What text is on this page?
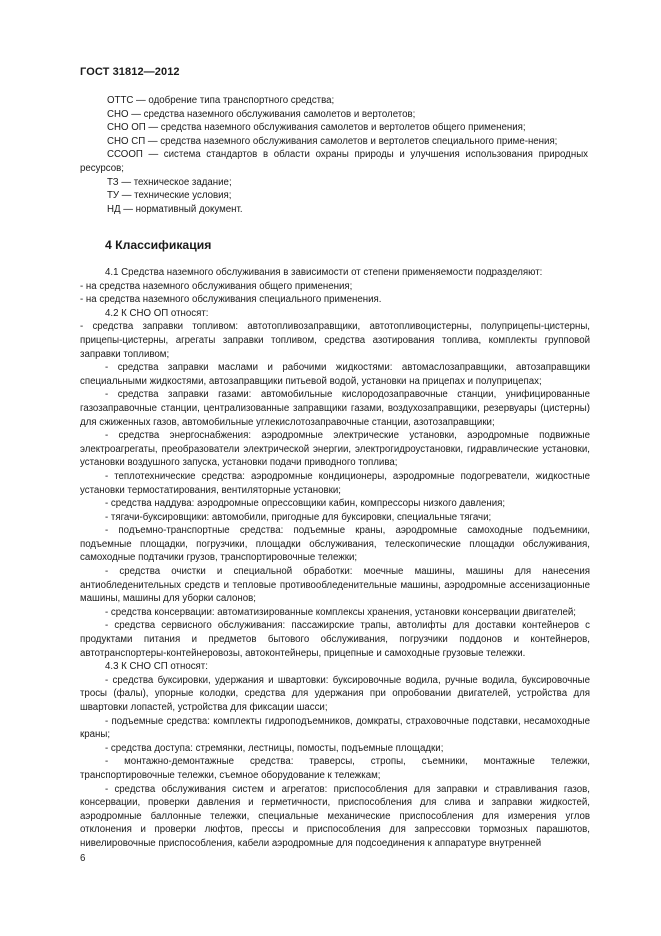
ГОСТ 31812—2012
ОТТС — одобрение типа транспортного средства;
СНО — средства наземного обслуживания самолетов и вертолетов;
СНО ОП — средства наземного обслуживания самолетов и вертолетов общего применения;
СНО СП — средства наземного обслуживания самолетов и вертолетов специального приме-нения;
ССООП — система стандартов в области охраны природы и улучшения использования природных ресурсов;
ТЗ — техническое задание;
ТУ — технические условия;
НД — нормативный документ.
4 Классификация

4.1 Средства наземного обслуживания в зависимости от степени применяемости подразделяют:

- на средства наземного обслуживания общего применения;

- на средства наземного обслуживания специального применения.

4.2 К СНО ОП относят:

- средства заправки топливом: автотопливозаправщики, автотопливоцистерны, полуприцепы-цистерны, прицепы-цистерны, агрегаты заправки топливом, средства азотирования топлива, комплекты групповой заправки топливом;

- средства заправки маслами и рабочими жидкостями: автомаслозаправщики, автозаправщики специальными жидкостями, автозаправщики питьевой водой, установки на прицепах и полуприцепах;

- средства заправки газами: автомобильные кислородозаправочные станции, унифицированные газозаправочные станции, централизованные заправщики газами, воздухозаправщики, резервуары (цистерны) для сжиженных газов, автомобильные углекислотозаправочные станции, азотозаправщики;

- средства энергоснабжения: аэродромные электрические установки, аэродромные подвижные электроагрегаты, преобразователи электрической энергии, электрогидроустановки, гидравлические установки, установки воздушного запуска, установки подачи приводного топлива;

- теплотехнические средства: аэродромные кондиционеры, аэродромные подогреватели, жидкостные установки термостатирования, вентиляторные установки;

- средства наддува: аэродромные опрессовщики кабин, компрессоры низкого давления;

- тягачи-буксировщики: автомобили, пригодные для буксировки, специальные тягачи;

- подъемно-транспортные средства: подъемные краны, аэродромные самоходные подъемники, подъемные площадки, погрузчики, площадки обслуживания, телескопические площадки обслуживания, самоходные подтачики грузов, транспортировочные тележки;

- средства очистки и специальной обработки: моечные машины, машины для нанесения антиобледенительных средств и тепловые противообледенительные машины, аэродромные ассенизационные машины, машины для уборки салонов;

- средства консервации: автоматизированные комплексы хранения, установки консервации двигателей;

- средства сервисного обслуживания: пассажирские трапы, автолифты для доставки контейнеров с продуктами питания и предметов бытового обслуживания, погрузчики поддонов и контейнеров, автотранспортеры-контейнеровозы, автоконтейнеры, прицепные и самоходные грузовые тележки.

4.3 К СНО СП относят:

- средства буксировки, удержания и швартовки: буксировочные водила, ручные водила, буксировочные тросы (фалы), упорные колодки, средства для удержания при опробовании двигателей, устройства для швартовки лопастей, устройства для фиксации шасси;

- подъемные средства: комплекты гидроподъемников, домкраты, страховочные подставки, несамоходные краны;

- средства доступа: стремянки, лестницы, помосты, подъемные площадки;

- монтажно-демонтажные средства: траверсы, стропы, съемники, монтажные тележки, транспортировочные тележки, съемное оборудование к тележкам;

- средства обслуживания систем и агрегатов: приспособления для заправки и стравливания газов, консервации, проверки давления и герметичности, приспособления для слива и заправки жидкостей, аэродромные баллонные тележки, специальные механические приспособления для измерения углов отклонения и проверки люфтов, прессы и приспособления для запрессовки тормозных парашютов, нивелировочные приспособления, кабели аэродромные для подсоединения к аппаратуре внутренней

6
